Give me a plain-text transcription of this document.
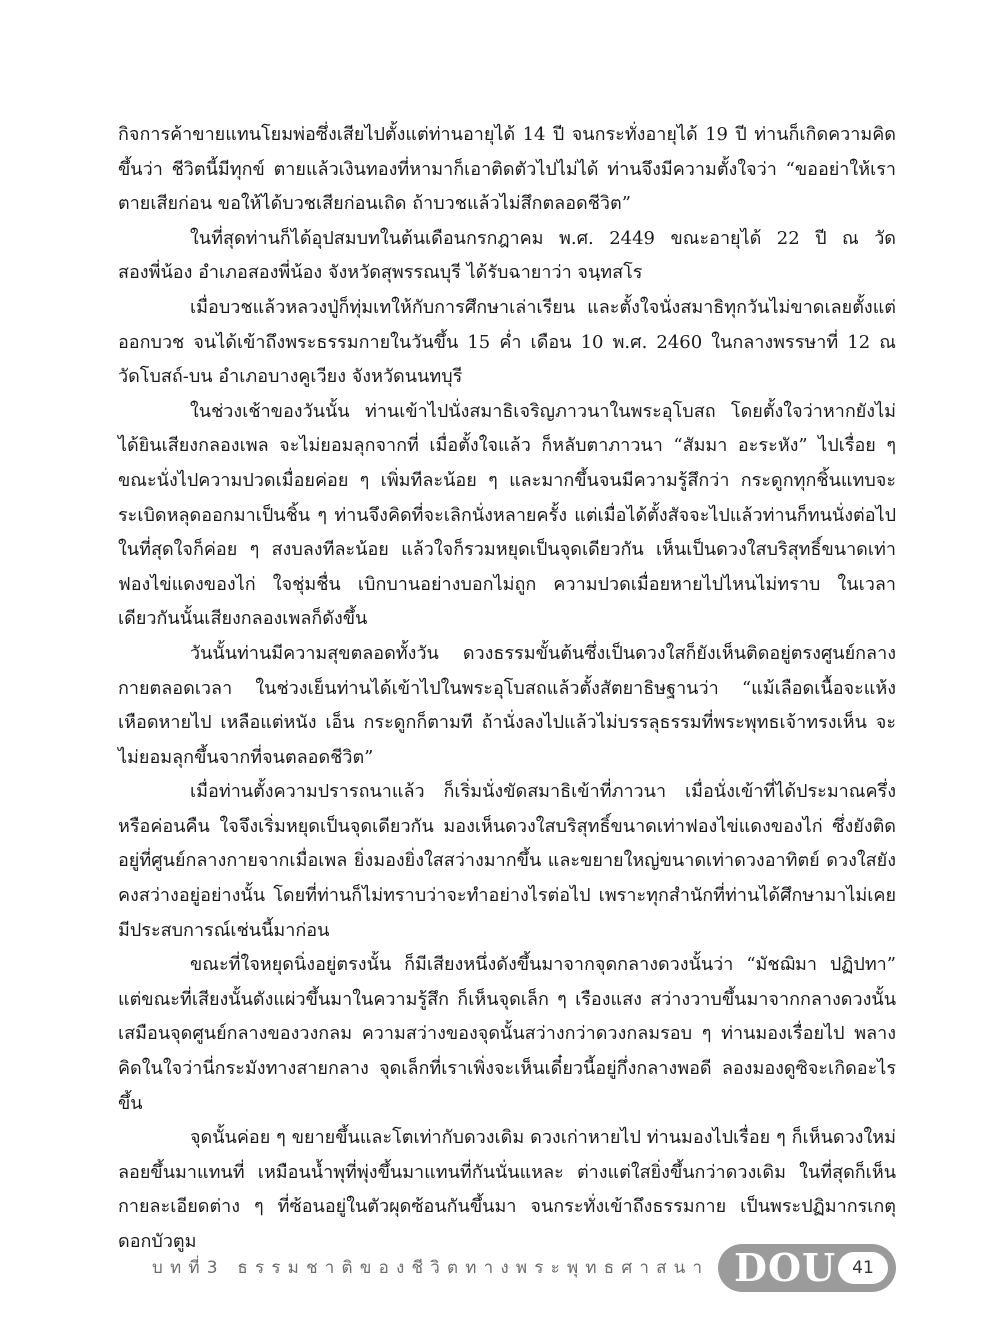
กิจการค้าขายแทนโยมพ่อซึ่งเสียไปตั้งแต่ท่านอายุได้ 14 ปี จนกระทั่งอายุได้ 19 ปี ท่านก็เกิดความคิดขึ้นว่า ชีวิตนี้มีทุกข์ ตายแล้วเงินทองที่หามาก็เอาติดตัวไปไม่ได้ ท่านจึงมีความตั้งใจว่า “ขออย่าให้เราตายเสียก่อน ขอให้ได้บวชเสียก่อนเถิด ถ้าบวชแล้วไม่สึกตลอดชีวิต”

ในที่สุดท่านก็ได้อุปสมบทในต้นเดือนกรกฎาคม พ.ศ. 2449 ขณะอายุได้ 22 ปี ณ วัดสองพี่น้อง อำเภอสองพี่น้อง จังหวัดสุพรรณบุรี ได้รับฉายาว่า จนฺทสโร

เมื่อบวชแล้วหลวงปู่ก็ทุ่มเทให้กับการศึกษาเล่าเรียน และตั้งใจนั่งสมาธิทุกวันไม่ขาดเลยตั้งแต่ออกบวช จนได้เข้าถึงพระธรรมกายในวันขึ้น 15 ค่ำ เดือน 10 พ.ศ. 2460 ในกลางพรรษาที่ 12 ณ วัดโบสถ์-บน อำเภอบางคูเวียง จังหวัดนนทบุรี

ในช่วงเช้าของวันนั้น ท่านเข้าไปนั่งสมาธิเจริญภาวนาในพระอุโบสถ โดยตั้งใจว่าหากยังไม่ได้ยินเสียงกลองเพล จะไม่ยอมลุกจากที่ เมื่อตั้งใจแล้ว ก็หลับตาภาวนา “สัมมา อะระหัง” ไปเรื่อย ๆ ขณะนั่งไปความปวดเมื่อยค่อย ๆ เพิ่มทีละน้อย ๆ และมากขึ้นจนมีความรู้สึกว่า กระดูกทุกชิ้นแทบจะระเบิดหลุดออกมาเป็นชิ้น ๆ ท่านจึงคิดที่จะเลิกนั่งหลายครั้ง แต่เมื่อได้ตั้งสัจจะไปแล้วท่านก็ทนนั่งต่อไป ในที่สุดใจก็ค่อย ๆ สงบลงทีละน้อย แล้วใจก็รวมหยุดเป็นจุดเดียวกัน เห็นเป็นดวงใสบริสุทธิ์ขนาดเท่าฟองไข่แดงของไก่ ใจชุ่มชื่น เบิกบานอย่างบอกไม่ถูก ความปวดเมื่อยหายไปไหนไม่ทราบ ในเวลาเดียวกันนั้นเสียงกลองเพลก็ดังขึ้น

วันนั้นท่านมีความสุขตลอดทั้งวัน ดวงธรรมขั้นต้นซึ่งเป็นดวงใสก็ยังเห็นติดอยู่ตรงศูนย์กลางกายตลอดเวลา ในช่วงเย็นท่านได้เข้าไปในพระอุโบสถแล้วตั้งสัตยาธิษฐานว่า “แม้เลือดเนื้อจะแห้งเหือดหายไป เหลือแต่หนัง เอ็น กระดูกก็ตามที ถ้านั่งลงไปแล้วไม่บรรลุธรรมที่พระพุทธเจ้าทรงเห็น จะไม่ยอมลุกขึ้นจากที่จนตลอดชีวิต”

เมื่อท่านตั้งความปรารถนาแล้ว ก็เริ่มนั่งขัดสมาธิเข้าที่ภาวนา เมื่อนั่งเข้าที่ได้ประมาณครึ่งหรือค่อนคืน ใจจึงเริ่มหยุดเป็นจุดเดียวกัน มองเห็นดวงใสบริสุทธิ์ขนาดเท่าฟองไข่แดงของไก่ ซึ่งยังติดอยู่ที่ศูนย์กลางกายจากเมื่อเพล ยิ่งมองยิ่งใสสว่างมากขึ้น และขยายใหญ่ขนาดเท่าดวงอาทิตย์ ดวงใสยังคงสว่างอยู่อย่างนั้น โดยที่ท่านก็ไม่ทราบว่าจะทำอย่างไรต่อไป เพราะทุกสำนักที่ท่านได้ศึกษามาไม่เคยมีประสบการณ์เช่นนี้มาก่อน

ขณะที่ใจหยุดนิ่งอยู่ตรงนั้น ก็มีเสียงหนึ่งดังขึ้นมาจากจุดกลางดวงนั้นว่า “มัชฌิมา ปฏิปทา” แต่ขณะที่เสียงนั้นดังแผ่วขึ้นมาในความรู้สึก ก็เห็นจุดเล็ก ๆ เรืองแสง สว่างวาบขึ้นมาจากกลางดวงนั้น เสมือนจุดศูนย์กลางของวงกลม ความสว่างของจุดนั้นสว่างกว่าดวงกลมรอบ ๆ ท่านมองเรื่อยไป พลางคิดในใจว่านี่กระมังทางสายกลาง จุดเล็กที่เราเพิ่งจะเห็นเดี๋ยวนี้อยู่กึ่งกลางพอดี ลองมองดูซิจะเกิดอะไรขึ้น

จุดนั้นค่อย ๆ ขยายขึ้นและโตเท่ากับดวงเดิม ดวงเก่าหายไป ท่านมองไปเรื่อย ๆ ก็เห็นดวงใหม่ลอยขึ้นมาแทนที่ เหมือนน้ำพุที่พุ่งขึ้นมาแทนที่กันนั่นแหละ ต่างแต่ใสยิ่งขึ้นกว่าดวงเดิม ในที่สุดก็เห็นกายละเอียดต่าง ๆ ที่ซ้อนอยู่ในตัวผุดซ้อนกันขึ้นมา จนกระทั่งเข้าถึงธรรมกาย เป็นพระปฏิมากรเกตุดอกบัวตูม

บทที่3 ธรรมชาติของชีวิตทางพระพุทธศาสนา DOU 41
